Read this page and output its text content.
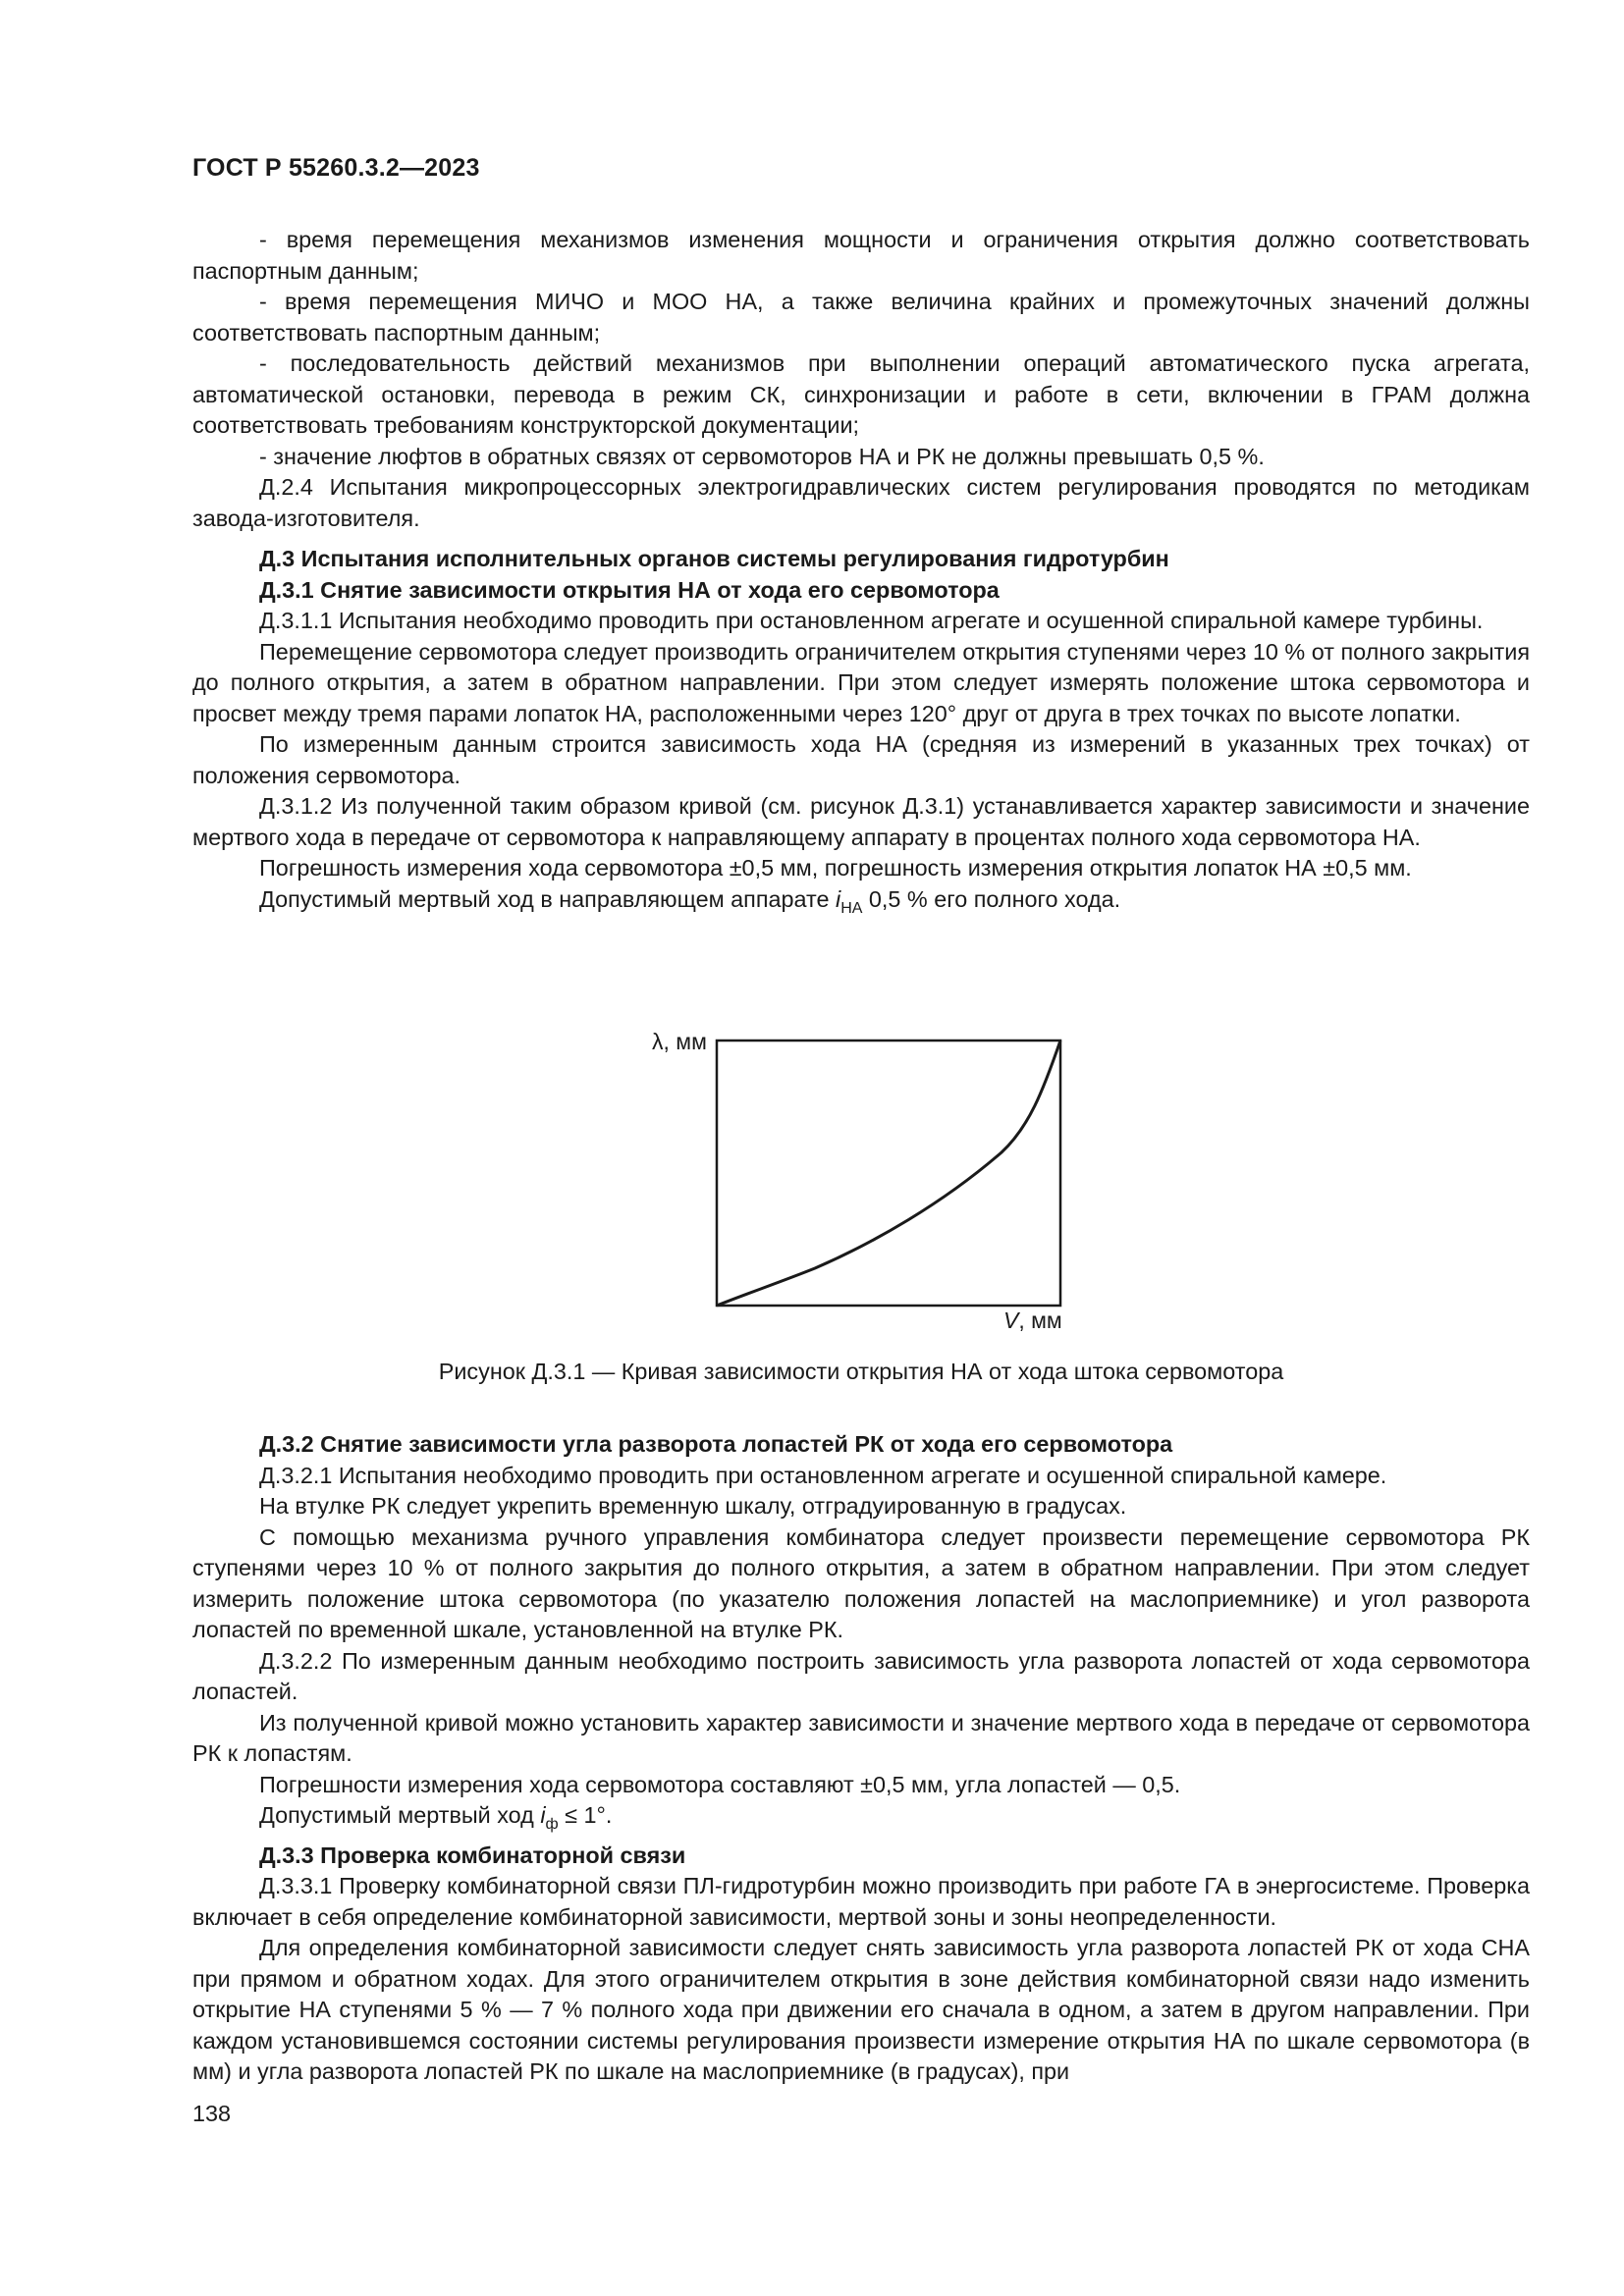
ГОСТ Р 55260.3.2—2023

- время перемещения механизмов изменения мощности и ограничения открытия должно соответствовать паспортным данным;

- время перемещения МИЧО и МОО НА, а также величина крайних и промежуточных значений должны соответствовать паспортным данным;

- последовательность действий механизмов при выполнении операций автоматического пуска агрегата, автоматической остановки, перевода в режим СК, синхронизации и работе в сети, включении в ГРАМ должна соответствовать требованиям конструкторской документации;

- значение люфтов в обратных связях от сервомоторов НА и РК не должны превышать 0,5 %.

Д.2.4 Испытания микропроцессорных электрогидравлических систем регулирования проводятся по методикам завода-изготовителя.

Д.3 Испытания исполнительных органов системы регулирования гидротурбин

Д.3.1 Снятие зависимости открытия НА от хода его сервомотора

Д.3.1.1 Испытания необходимо проводить при остановленном агрегате и осушенной спиральной камере турбины.

Перемещение сервомотора следует производить ограничителем открытия ступенями через 10 % от полного закрытия до полного открытия, а затем в обратном направлении. При этом следует измерять положение штока сервомотора и просвет между тремя парами лопаток НА, расположенными через 120° друг от друга в трех точках по высоте лопатки.

По измеренным данным строится зависимость хода НА (средняя из измерений в указанных трех точках) от положения сервомотора.

Д.3.1.2 Из полученной таким образом кривой (см. рисунок Д.3.1) устанавливается характер зависимости и значение мертвого хода в передаче от сервомотора к направляющему аппарату в процентах полного хода сервомотора НА.

Погрешность измерения хода сервомотора ±0,5 мм, погрешность измерения открытия лопаток НА ±0,5 мм.

Допустимый мертвый ход в направляющем аппарате $i_{НА}$ 0,5 % его полного хода.

λ, мм
V, мм
Рисунок Д.3.1 — Кривая зависимости открытия НА от хода штока сервомотора

Д.3.2 Снятие зависимости угла разворота лопастей РК от хода его сервомотора

Д.3.2.1 Испытания необходимо проводить при остановленном агрегате и осушенной спиральной камере.

На втулке РК следует укрепить временную шкалу, отградуированную в градусах.

С помощью механизма ручного управления комбинатора следует произвести перемещение сервомотора РК ступенями через 10 % от полного закрытия до полного открытия, а затем в обратном направлении. При этом следует измерить положение штока сервомотора (по указателю положения лопастей на маслоприемнике) и угол разворота лопастей по временной шкале, установленной на втулке РК.

Д.3.2.2 По измеренным данным необходимо построить зависимость угла разворота лопастей от хода сервомотора лопастей.

Из полученной кривой можно установить характер зависимости и значение мертвого хода в передаче от сервомотора РК к лопастям.

Погрешности измерения хода сервомотора составляют ±0,5 мм, угла лопастей — 0,5.

Допустимый мертвый ход $i_ф \le 1^\circ$.

Д.3.3 Проверка комбинаторной связи

Д.3.3.1 Проверку комбинаторной связи ПЛ-гидротурбин можно производить при работе ГА в энергосистеме. Проверка включает в себя определение комбинаторной зависимости, мертвой зоны и зоны неопределенности.

Для определения комбинаторной зависимости следует снять зависимость угла разворота лопастей РК от хода СНА при прямом и обратном ходах. Для этого ограничителем открытия в зоне действия комбинаторной связи надо изменить открытие НА ступенями 5 % — 7 % полного хода при движении его сначала в одном, а затем в другом направлении. При каждом установившемся состоянии системы регулирования произвести измерение открытия НА по шкале сервомотора (в мм) и угла разворота лопастей РК по шкале на маслоприемнике (в градусах), при

138
